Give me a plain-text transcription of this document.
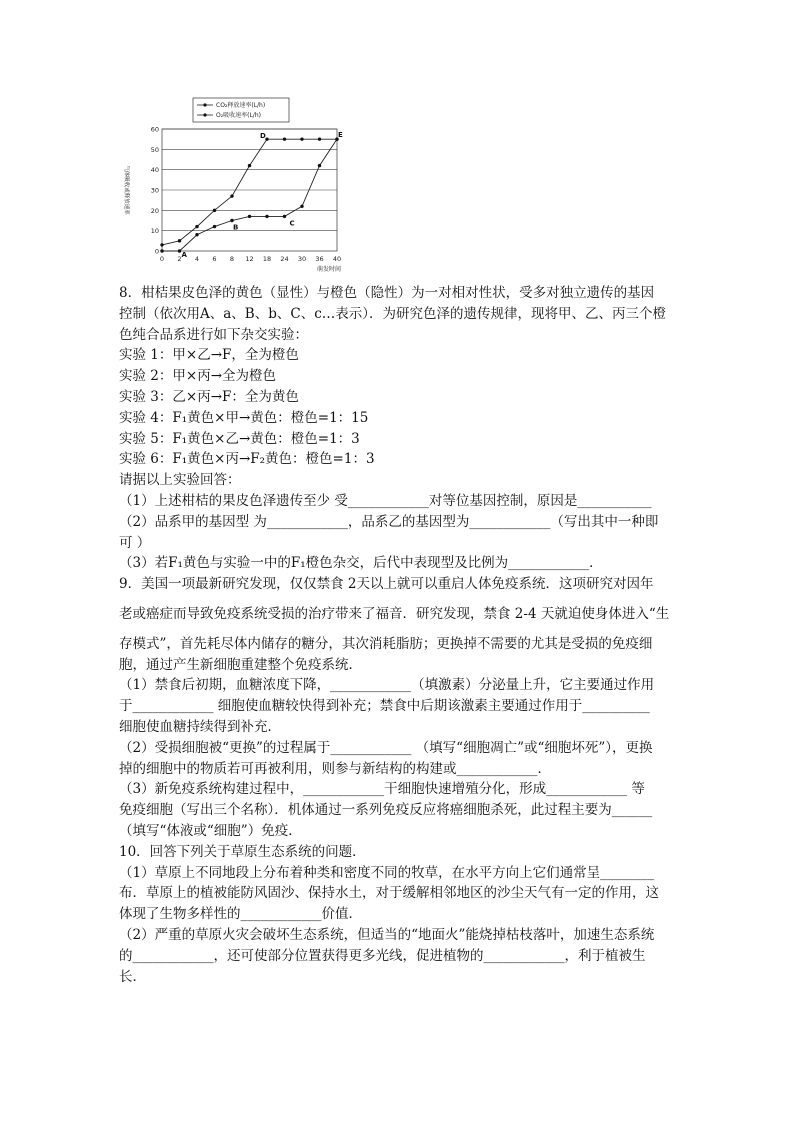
CO₂释放速率(L/h)
O₂吸收速率(L/h)
0
10
20
30
40
50
60
0 2 4 6 8 12 18 24 30 36 40
萌发时间
气体吸收或释放速率
A
B
C
D	E

8．柑桔果皮色泽的黄色（显性）与橙色（隐性）为一对相对性状，受多对独立遗传的基因

控制（依次用A、a、B、b、C、c…表示）．为研究色泽的遗传规律，现将甲、乙、丙三个橙

色纯合品系进行如下杂交实验：

实验 1：甲×乙→F，全为橙色

实验 2：甲×丙→全为橙色

实验 3：乙×丙→F：全为黄色

实验 4：F₁黄色×甲→黄色：橙色=1：15

实验 5：F₁黄色×乙→黄色：橙色=1：3

实验 6：F₁黄色×丙→F₂黄色：橙色=1：3

请据以上实验回答：

（1）上述柑桔的果皮色泽遗传至少 受____________对等位基因控制，原因是___________

（2）品系甲的基因型 为____________，品系乙的基因型为____________（写出其中一种即

可 ）

（3）若F₁黄色与实验一中的F₁橙色杂交，后代中表现型及比例为____________．

9．美国一项最新研究发现，仅仅禁食 2天以上就可以重启人体免疫系统．这项研究对因年

老或癌症而导致免疫系统受损的治疗带来了福音．研究发现，禁食 2-4 天就迫使身体进入“生

存模式”，首先耗尽体内储存的糖分，其次消耗脂肪；更换掉不需要的尤其是受损的免疫细

胞，通过产生新细胞重建整个免疫系统．

（1）禁食后初期，血糖浓度下降，____________（填激素）分泌量上升，它主要通过作用

于____________ 细胞使血糖较快得到补充；禁食中后期该激素主要通过作用于__________

细胞使血糖持续得到补充．

（2）受损细胞被“更换”的过程属于____________ （填写“细胞凋亡”或“细胞坏死”），更换

掉的细胞中的物质若可再被利用，则参与新结构的构建或____________．

（3）新免疫系统构建过程中，____________干细胞快速增殖分化，形成____________ 等

免疫细胞（写出三个名称）．机体通过一系列免疫反应将癌细胞杀死，此过程主要为______

（填写“体液或“细胞”）免疫．

10．回答下列关于草原生态系统的问题．

（1）草原上不同地段上分布着种类和密度不同的牧草，在水平方向上它们通常呈________

布．草原上的植被能防风固沙、保持水土，对于缓解相邻地区的沙尘天气有一定的作用，这

体现了生物多样性的____________价值．

（2）严重的草原火灾会破坏生态系统，但适当的“地面火”能烧掉枯枝落叶，加速生态系统

的____________，还可使部分位置获得更多光线，促进植物的____________，利于植被生

长．
